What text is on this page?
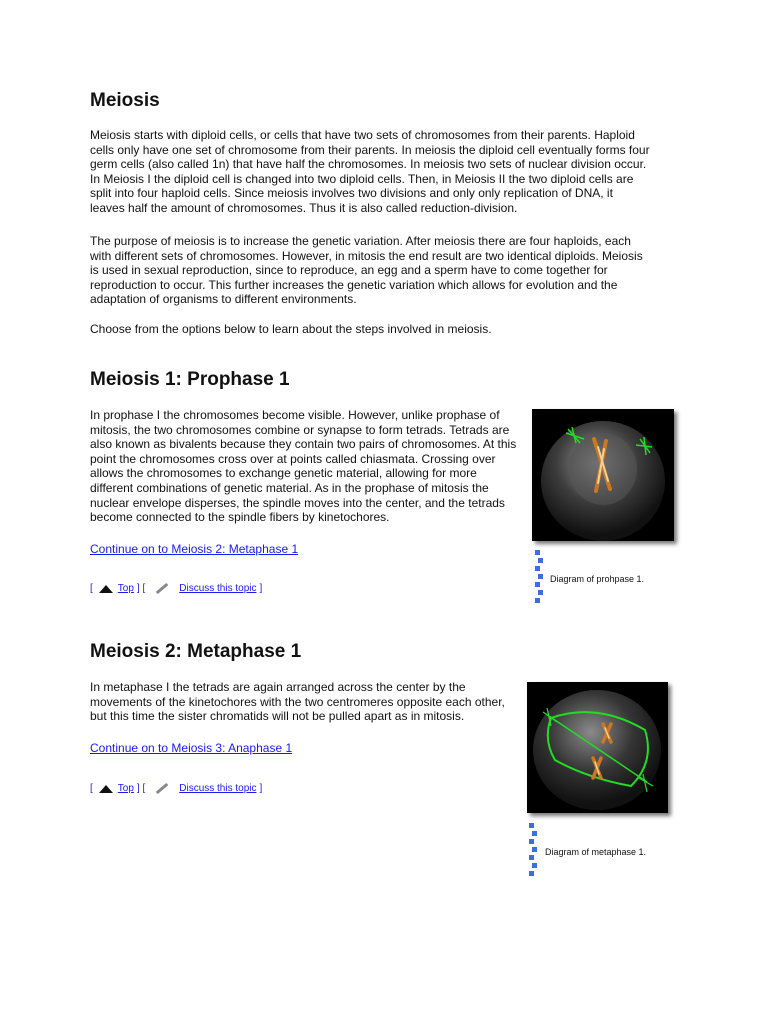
Meiosis

Meiosis starts with diploid cells, or cells that have two sets of chromosomes from their parents. Haploid cells only have one set of chromosome from their parents. In meiosis the diploid cell eventually forms four germ cells (also called 1n) that have half the chromosomes. In meiosis two sets of nuclear division occur. In Meiosis I the diploid cell is changed into two diploid cells. Then, in Meiosis II the two diploid cells are split into four haploid cells. Since meiosis involves two divisions and only only replication of DNA, it leaves half the amount of chromosomes. Thus it is also called reduction-division.

The purpose of meiosis is to increase the genetic variation. After meiosis there are four haploids, each with different sets of chromosomes. However, in mitosis the end result are two identical diploids. Meiosis is used in sexual reproduction, since to reproduce, an egg and a sperm have to come together for reproduction to occur. This further increases the genetic variation which allows for evolution and the adaptation of organisms to different environments.

Choose from the options below to learn about the steps involved in meiosis.

Meiosis 1: Prophase 1

In prophase I the chromosomes become visible. However, unlike prophase of mitosis, the two chromosomes combine or synapse to form tetrads. Tetrads are also known as bivalents because they contain two pairs of chromosomes. At this point the chromosomes cross over at points called chiasmata. Crossing over allows the chromosomes to exchange genetic material, allowing for more different combinations of genetic material. As in the prophase of mitosis the nuclear envelope disperses, the spindle moves into the center, and the tetrads become connected to the spindle fibers by kinetochores.

Continue on to Meiosis 2: Metaphase 1
[	Top ] [	Discuss this topic ]
Diagram of prohpase 1.
Meiosis 2: Metaphase 1

In metaphase I the tetrads are again arranged across the center by the movements of the kinetochores with the two centromeres opposite each other, but this time the sister chromatids will not be pulled apart as in mitosis.

Continue on to Meiosis 3: Anaphase 1
[	Top ] [	Discuss this topic ]
Diagram of metaphase 1.
